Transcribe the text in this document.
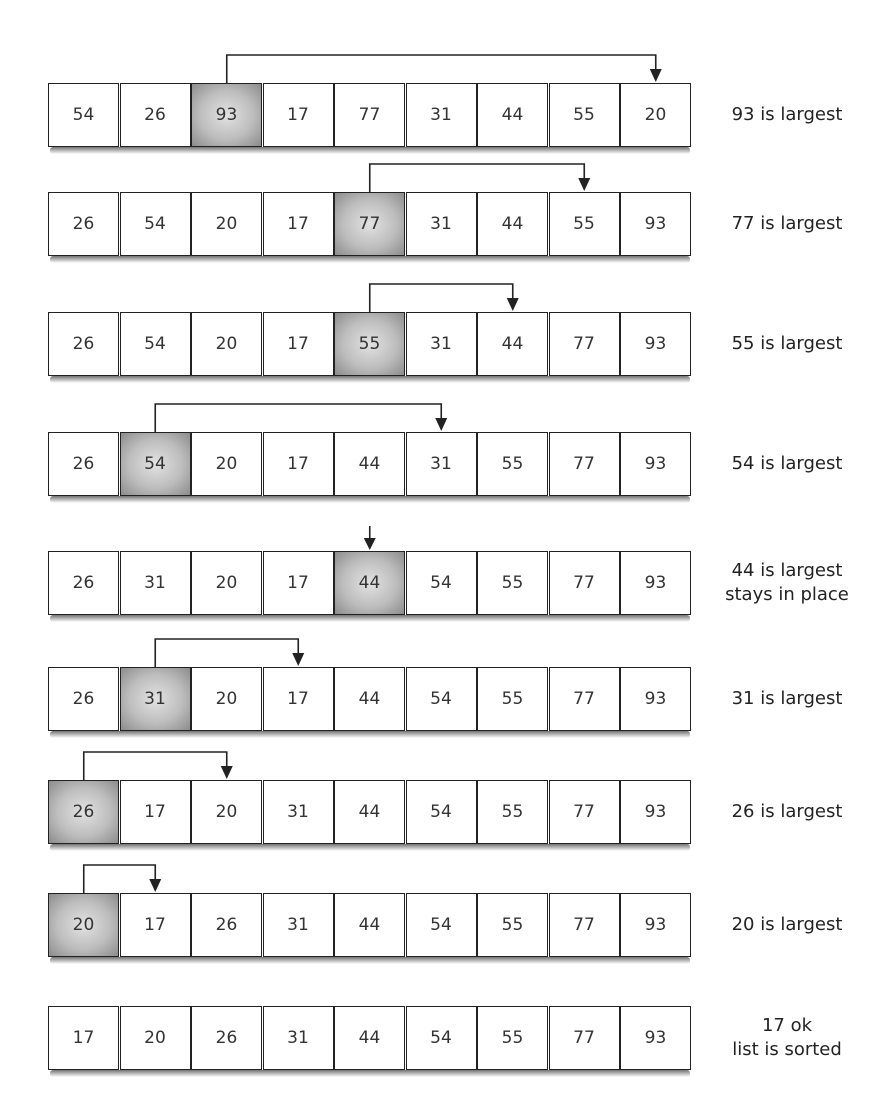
54	26	93	17	77	31	44	55	20	93 is largest
26	54	20	17	77	31	44	55	93	77 is largest
26	54	20	17	55	31	44	77	93	55 is largest
26	54	20	17	44	31	55	77	93	54 is largest
26	31	20	17	44	54	55	77	93
44 is largest
stays in place
26	31	20	17	44	54	55	77	93	31 is largest
26	17	20	31	44	54	55	77	93	26 is largest
20	17	26	31	44	54	55	77	93	20 is largest
17	20	26	31	44	54	55	77	93
17 ok
list is sorted
